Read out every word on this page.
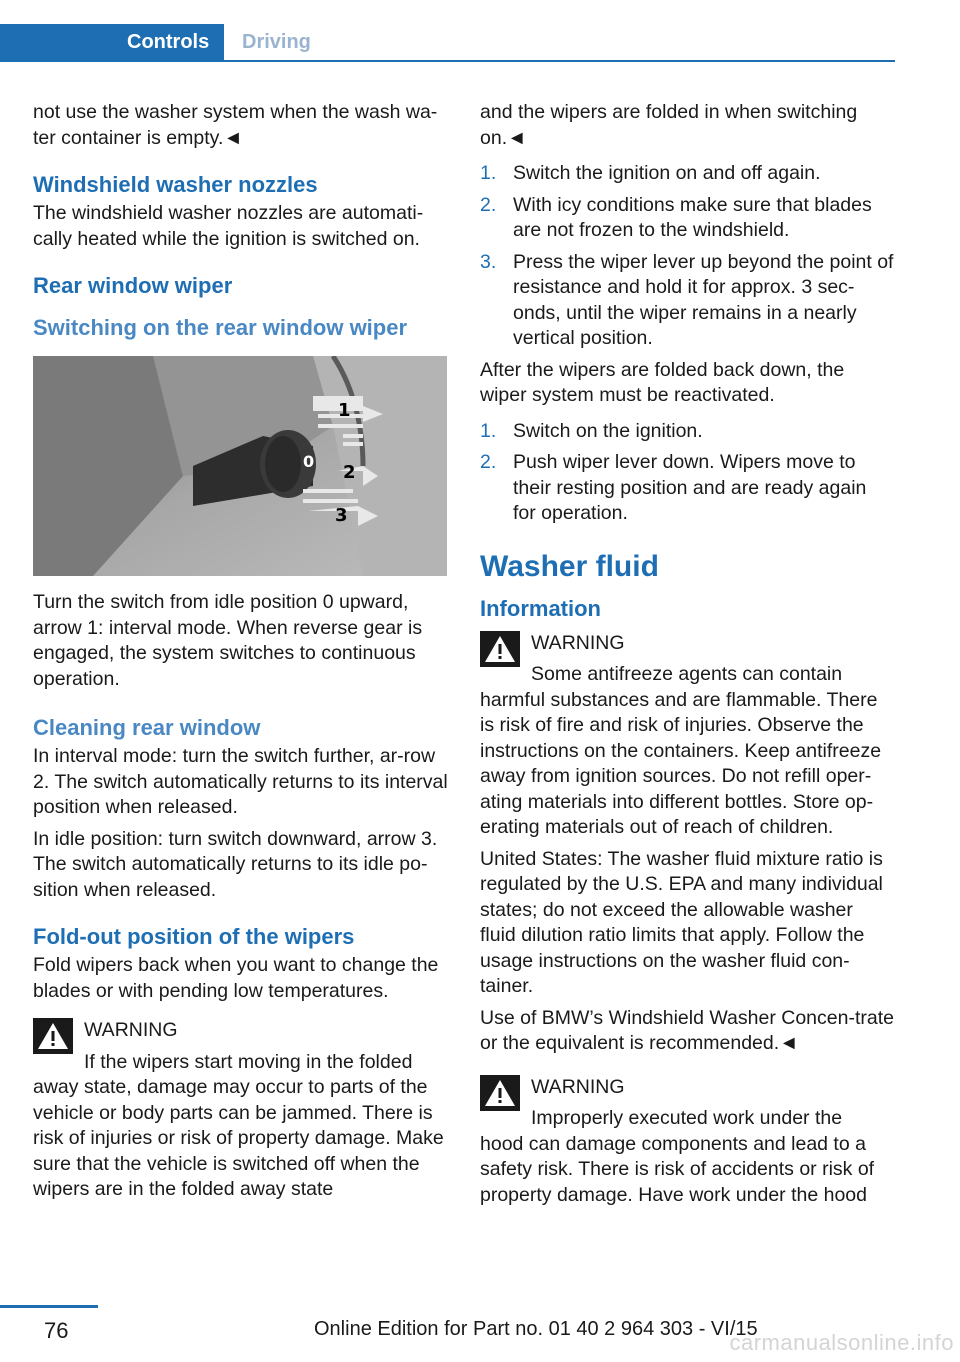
Controls	Driving

not use the washer system when the wash wa-ter container is empty.◄

Windshield washer nozzles

The windshield washer nozzles are automati-cally heated while the ignition is switched on.

Rear window wiper
Switching on the rear window wiper
1
0
2
3

Turn the switch from idle position 0 upward, arrow 1: interval mode. When reverse gear is engaged, the system switches to continuous operation.

Cleaning rear window

In interval mode: turn the switch further, ar-row 2. The switch automatically returns to its interval position when released.

In idle position: turn switch downward, arrow 3. The switch automatically returns to its idle po-sition when released.

Fold-out position of the wipers

Fold wipers back when you want to change the blades or with pending low temperatures.

WARNING
If the wipers start moving in the folded

away state, damage may occur to parts of the vehicle or body parts can be jammed. There is risk of injuries or risk of property damage. Make sure that the vehicle is switched off when the wipers are in the folded away state

and the wipers are folded in when switching on.◄

1. Switch the ignition on and off again.
2. With icy conditions make sure that blades are not frozen to the windshield.
3. Press the wiper lever up beyond the point of resistance and hold it for approx. 3 sec-onds, until the wiper remains in a nearly vertical position.

After the wipers are folded back down, the wiper system must be reactivated.

1. Switch on the ignition.
2. Push wiper lever down. Wipers move to their resting position and are ready again for operation.
Washer fluid
Information
WARNING
Some antifreeze agents can contain

harmful substances and are flammable. There is risk of fire and risk of injuries. Observe the instructions on the containers. Keep antifreeze away from ignition sources. Do not refill oper-ating materials into different bottles. Store op-erating materials out of reach of children.

United States: The washer fluid mixture ratio is regulated by the U.S. EPA and many individual states; do not exceed the allowable washer fluid dilution ratio limits that apply. Follow the usage instructions on the washer fluid con-tainer.

Use of BMW’s Windshield Washer Concen-trate or the equivalent is recommended.◄

WARNING
Improperly executed work under the

hood can damage components and lead to a safety risk. There is risk of accidents or risk of property damage. Have work under the hood

76	Online Edition for Part no. 01 40 2 964 303 - VI/15
carmanualsonline.info
